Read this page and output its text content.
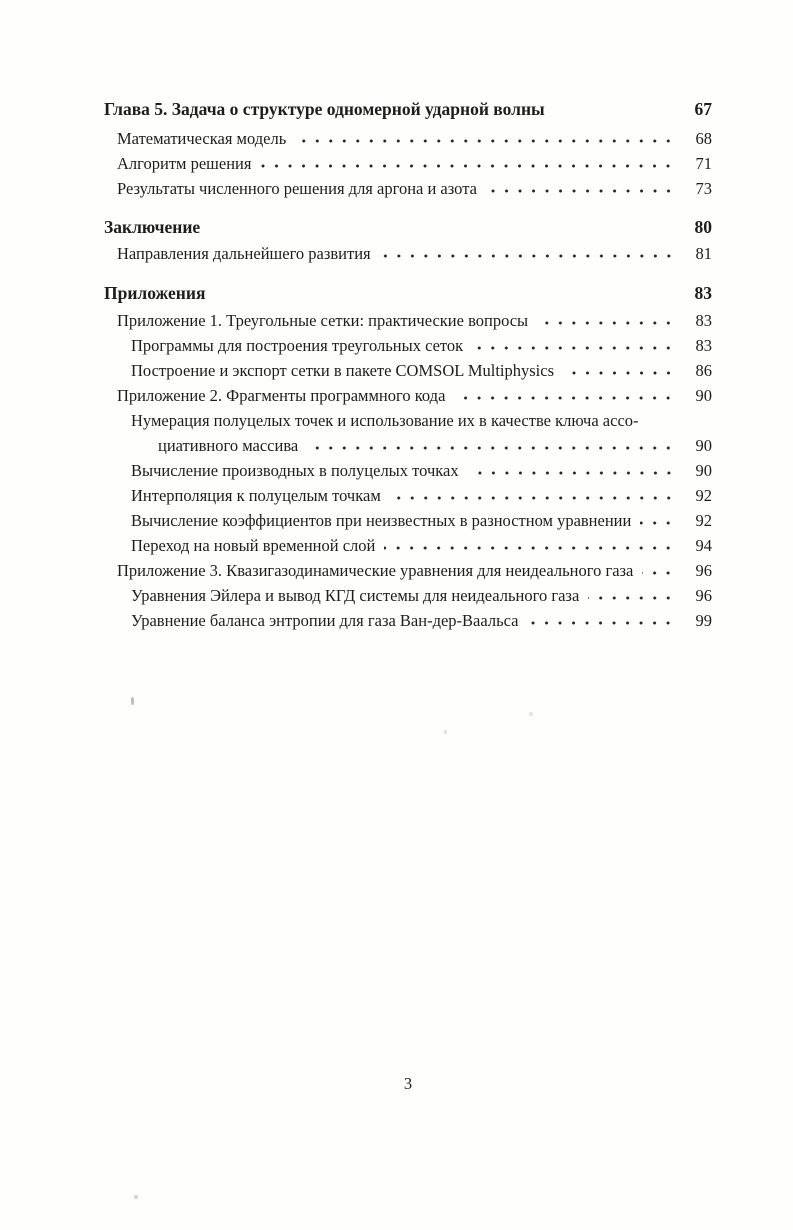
Глава 5. Задача о структуре одномерной ударной волны	67
Математическая модель	68
Алгоритм решения	71
Результаты численного решения для аргона и азота	73
Заключение	80
Направления дальнейшего развития	81
Приложения	83
Приложение 1. Треугольные сетки: практические вопросы	83
Программы для построения треугольных сеток	83
Построение и экспорт сетки в пакете COMSOL Multiphysics	86
Приложение 2. Фрагменты программного кода	90
Нумерация полуцелых точек и использование их в качестве ключа ассо-
циативного массива	90
Вычисление производных в полуцелых точках	90
Интерполяция к полуцелым точкам	92
Вычисление коэффициентов при неизвестных в разностном уравнении	92
Переход на новый временной слой	94
Приложение 3. Квазигазодинамические уравнения для неидеального газа	96
Уравнения Эйлера и вывод КГД системы для неидеального газа	96
Уравнение баланса энтропии для газа Ван-дер-Ваальса	99
3
